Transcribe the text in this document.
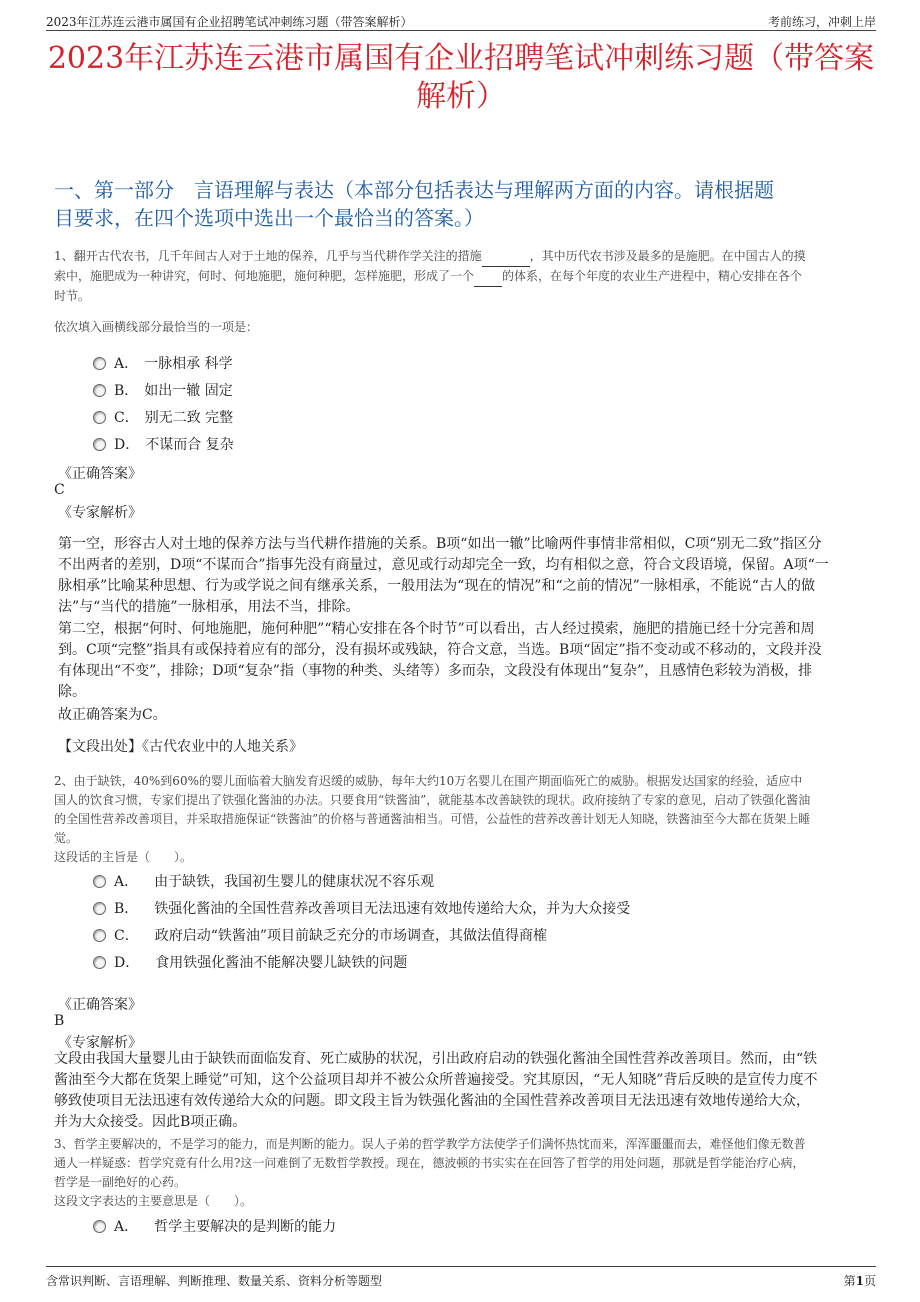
2023年江苏连云港市属国有企业招聘笔试冲刺练习题（带答案解析）	考前练习，冲刺上岸
2023年江苏连云港市属国有企业招聘笔试冲刺练习题（带答案
解析）
一、第一部分　言语理解与表达（本部分包括表达与理解两方面的内容。请根据题
目要求，在四个选项中选出一个最恰当的答案。）
1、翻开古代农书，几千年间古人对于土地的保养，几乎与当代耕作学关注的措施	，其中历代农书涉及最多的是施肥。在中国古人的摸
索中，施肥成为一种讲究，何时、何地施肥，施何种肥，怎样施肥，形成了一个 的体系，在每个年度的农业生产进程中，精心安排在各个
时节。
依次填入画横线部分最恰当的一项是：
A． 一脉相承 科学
B． 如出一辙 固定
C． 别无二致 完整
D． 不谋而合 复杂
《正确答案》
C
《专家解析》
第一空，形容古人对土地的保养方法与当代耕作措施的关系。B项“如出一辙”比喻两件事情非常相似，C项“别无二致”指区分
不出两者的差别，D项“不谋而合”指事先没有商量过，意见或行动却完全一致，均有相似之意，符合文段语境，保留。A项“一
脉相承”比喻某种思想、行为或学说之间有继承关系，一般用法为“现在的情况”和“之前的情况”一脉相承，不能说“古人的做
法”与“当代的措施”一脉相承，用法不当，排除。
第二空，根据“何时、何地施肥，施何种肥”“精心安排在各个时节”可以看出，古人经过摸索，施肥的措施已经十分完善和周
到。C项“完整”指具有或保持着应有的部分，没有损坏或残缺，符合文意，当选。B项“固定”指不变动或不移动的，文段并没
有体现出“不变”，排除；D项“复杂”指（事物的种类、头绪等）多而杂，文段没有体现出“复杂”，且感情色彩较为消极，排
除。
故正确答案为C。
【文段出处】《古代农业中的人地关系》
2、由于缺铁，40%到60%的婴儿面临着大脑发育迟缓的威胁，每年大约10万名婴儿在围产期面临死亡的威胁。根据发达国家的经验，适应中
国人的饮食习惯，专家们提出了铁强化酱油的办法。只要食用“铁酱油”，就能基本改善缺铁的现状。政府接纳了专家的意见，启动了铁强化酱油
的全国性营养改善项目，并采取措施保证“铁酱油”的价格与普通酱油相当。可惜，公益性的营养改善计划无人知晓，铁酱油至今大都在货架上睡
觉。
这段话的主旨是（　　）。
A． 由于缺铁，我国初生婴儿的健康状况不容乐观
B． 铁强化酱油的全国性营养改善项目无法迅速有效地传递给大众，并为大众接受
C． 政府启动“铁酱油”项目前缺乏充分的市场调查，其做法值得商榷
D． 食用铁强化酱油不能解决婴儿缺铁的问题
《正确答案》
B
《专家解析》
文段由我国大量婴儿由于缺铁而面临发育、死亡威胁的状况，引出政府启动的铁强化酱油全国性营养改善项目。然而，由“铁
酱油至今大都在货架上睡觉”可知，这个公益项目却并不被公众所普遍接受。究其原因，“无人知晓”背后反映的是宣传力度不
够致使项目无法迅速有效传递给大众的问题。即文段主旨为铁强化酱油的全国性营养改善项目无法迅速有效地传递给大众，
并为大众接受。因此B项正确。
3、哲学主要解决的，不是学习的能力，而是判断的能力。误人子弟的哲学教学方法使学子们满怀热忱而来，浑浑噩噩而去，难怪他们像无数普
通人一样疑惑：哲学究竟有什么用?这一问难倒了无数哲学教授。现在，德波顿的书实实在在回答了哲学的用处问题，那就是哲学能治疗心病，
哲学是一副绝好的心药。
这段文字表达的主要意思是（　　）。
A． 哲学主要解决的是判断的能力
含常识判断、言语理解、判断推理、数量关系、资料分析等题型	第1页
